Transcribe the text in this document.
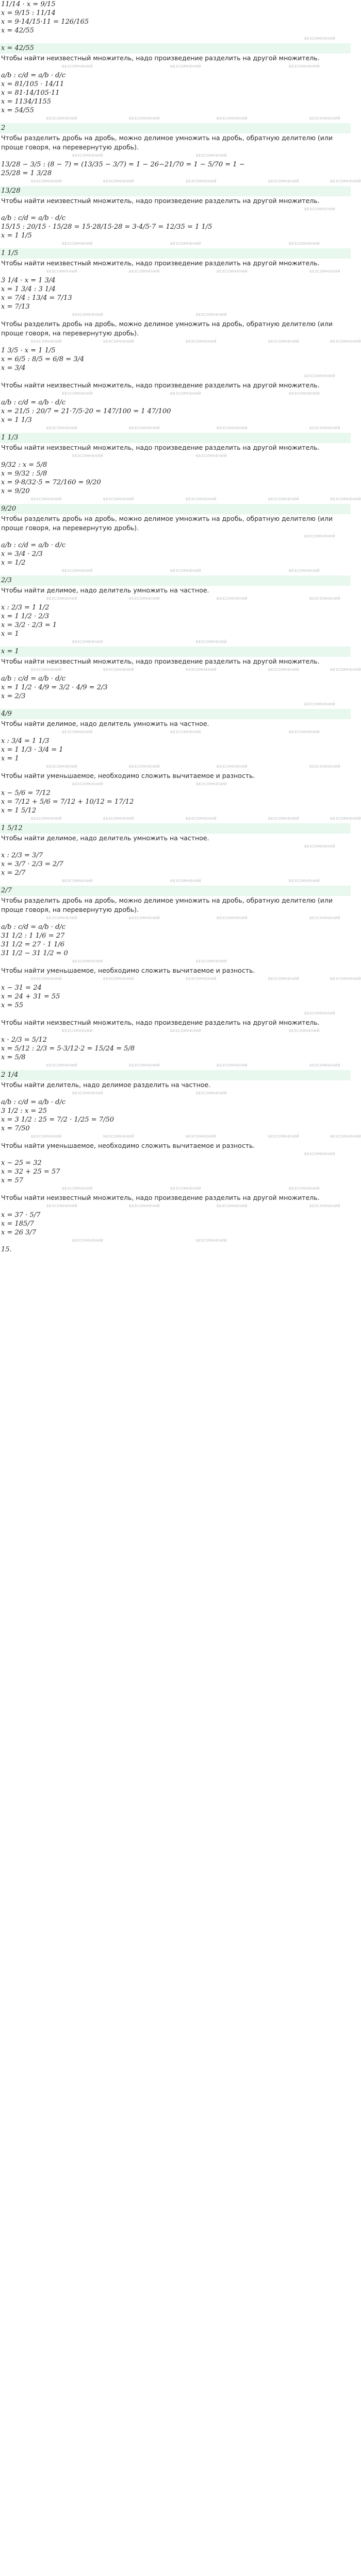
11/14 · x = 9/15
x = 9/15 : 11/14
x = 9·14/15·11 = 126/165
x = 42/55
БЕЗСОМНЕНИЙ
x = 42/55
Чтобы найти неизвестный множитель, надо произведение разделить на другой множитель.
БЕЗСОМНЕНИЙ	БЕЗСОМНЕНИЙ	БЕЗСОМНЕНИЙ
a/b : c/d = a/b · d/c
x = 81/105 · 14/11
x = 81·14/105·11
x = 1134/1155
x = 54/55
БЕЗСОМНЕНИЙ	БЕЗСОМНЕНИЙ	БЕЗСОМНЕНИЙ	БЕЗСОМНЕНИЙ
2
Чтобы разделить дробь на дробь, можно делимое умножить на дробь, обратную делителю (или проще говоря, на перевернутую дробь).
БЕЗСОМНЕНИЙ	БЕЗСОМНЕНИЙ
13/28 − 3/5 : (8 − 7) = (13/35 − 3/7) = 1 − 26−21/70 = 1 − 5/70 = 1 −
25/28 = 1 3/28
БЕЗСОМНЕНИЙ	БЕЗСОМНЕНИЙ	БЕЗСОМНЕНИЙ	БЕЗСОМНЕНИЙ	БЕЗСОМНЕНИЙ
13/28
Чтобы найти неизвестный множитель, надо произведение разделить на другой множитель.
БЕЗСОМНЕНИЙ
a/b : c/d = a/b · d/c
15/15 : 20/15 · 15/28 = 15·28/15·28 = 3·4/5·7 = 12/35 = 1 1/5
x = 1 1/5
БЕЗСОМНЕНИЙ	БЕЗСОМНЕНИЙ	БЕЗСОМНЕНИЙ
1 1/5
Чтобы найти неизвестный множитель, надо произведение разделить на другой множитель.
БЕЗСОМНЕНИЙ	БЕЗСОМНЕНИЙ	БЕЗСОМНЕНИЙ	БЕЗСОМНЕНИЙ
3 1/4 · x = 1 3/4
x = 1 3/4 : 3 1/4
x = 7/4 : 13/4 = 7/13
x = 7/13
БЕЗСОМНЕНИЙ	БЕЗСОМНЕНИЙ
Чтобы разделить дробь на дробь, можно делимое умножить на дробь, обратную делителю (или проще говоря, на перевернутую дробь).
БЕЗСОМНЕНИЙ	БЕЗСОМНЕНИЙ	БЕЗСОМНЕНИЙ	БЕЗСОМНЕНИЙ	БЕЗСОМНЕНИЙ
1 3/5 · x = 1 1/5
x = 6/5 : 8/5 = 6/8 = 3/4
x = 3/4
БЕЗСОМНЕНИЙ
Чтобы найти неизвестный множитель, надо произведение разделить на другой множитель.
БЕЗСОМНЕНИЙ	БЕЗСОМНЕНИЙ	БЕЗСОМНЕНИЙ
a/b : c/d = a/b · d/c
x = 21/5 : 20/7 = 21·7/5·20 = 147/100 = 1 47/100
x = 1 1/3
БЕЗСОМНЕНИЙ	БЕЗСОМНЕНИЙ	БЕЗСОМНЕНИЙ	БЕЗСОМНЕНИЙ
1 1/3
Чтобы найти неизвестный множитель, надо произведение разделить на другой множитель.
БЕЗСОМНЕНИЙ	БЕЗСОМНЕНИЙ
9/32 : x = 5/8
x = 9/32 : 5/8
x = 9·8/32·5 = 72/160 = 9/20
x = 9/20
БЕЗСОМНЕНИЙ	БЕЗСОМНЕНИЙ	БЕЗСОМНЕНИЙ	БЕЗСОМНЕНИЙ	БЕЗСОМНЕНИЙ
9/20
Чтобы разделить дробь на дробь, можно делимое умножить на дробь, обратную делителю (или проще говоря, на перевернутую дробь).
БЕЗСОМНЕНИЙ
a/b : c/d = a/b · d/c
x = 3/4 · 2/3
x = 1/2
БЕЗСОМНЕНИЙ	БЕЗСОМНЕНИЙ	БЕЗСОМНЕНИЙ
2/3
Чтобы найти делимое, надо делитель умножить на частное.
БЕЗСОМНЕНИЙ	БЕЗСОМНЕНИЙ	БЕЗСОМНЕНИЙ	БЕЗСОМНЕНИЙ
x : 2/3 = 1 1/2
x = 1 1/2 · 2/3
x = 3/2 · 2/3 = 1
x = 1
БЕЗСОМНЕНИЙ	БЕЗСОМНЕНИЙ
x = 1
Чтобы найти неизвестный множитель, надо произведение разделить на другой множитель.
БЕЗСОМНЕНИЙ	БЕЗСОМНЕНИЙ	БЕЗСОМНЕНИЙ	БЕЗСОМНЕНИЙ	БЕЗСОМНЕНИЙ
a/b : c/d = a/b · d/c
x = 1 1/2 · 4/9 = 3/2 · 4/9 = 2/3
x = 2/3
БЕЗСОМНЕНИЙ
4/9
Чтобы найти делимое, надо делитель умножить на частное.
БЕЗСОМНЕНИЙ	БЕЗСОМНЕНИЙ	БЕЗСОМНЕНИЙ
x : 3/4 = 1 1/3
x = 1 1/3 · 3/4 = 1
x = 1
БЕЗСОМНЕНИЙ	БЕЗСОМНЕНИЙ	БЕЗСОМНЕНИЙ	БЕЗСОМНЕНИЙ
Чтобы найти уменьшаемое, необходимо сложить вычитаемое и разность.
БЕЗСОМНЕНИЙ	БЕЗСОМНЕНИЙ
x − 5/6 = 7/12
x = 7/12 + 5/6 = 7/12 + 10/12 = 17/12
x = 1 5/12
БЕЗСОМНЕНИЙ	БЕЗСОМНЕНИЙ	БЕЗСОМНЕНИЙ	БЕЗСОМНЕНИЙ	БЕЗСОМНЕНИЙ
1 5/12
Чтобы найти делимое, надо делитель умножить на частное.
БЕЗСОМНЕНИЙ
x : 2/3 = 3/7
x = 3/7 · 2/3 = 2/7
x = 2/7
БЕЗСОМНЕНИЙ	БЕЗСОМНЕНИЙ	БЕЗСОМНЕНИЙ
2/7
Чтобы разделить дробь на дробь, можно делимое умножить на дробь, обратную делителю (или проще говоря, на перевернутую дробь).
БЕЗСОМНЕНИЙ	БЕЗСОМНЕНИЙ	БЕЗСОМНЕНИЙ	БЕЗСОМНЕНИЙ
a/b : c/d = a/b · d/c
31 1/2 : 1 1/6 = 27
31 1/2 = 27 · 1 1/6
31 1/2 − 31 1/2 = 0
БЕЗСОМНЕНИЙ	БЕЗСОМНЕНИЙ
Чтобы найти уменьшаемое, необходимо сложить вычитаемое и разность.
БЕЗСОМНЕНИЙ	БЕЗСОМНЕНИЙ	БЕЗСОМНЕНИЙ	БЕЗСОМНЕНИЙ	БЕЗСОМНЕНИЙ
x − 31 = 24
x = 24 + 31 = 55
x = 55
БЕЗСОМНЕНИЙ
Чтобы найти неизвестный множитель, надо произведение разделить на другой множитель.
БЕЗСОМНЕНИЙ	БЕЗСОМНЕНИЙ	БЕЗСОМНЕНИЙ
x · 2/3 = 5/12
x = 5/12 : 2/3 = 5·3/12·2 = 15/24 = 5/8
x = 5/8
БЕЗСОМНЕНИЙ	БЕЗСОМНЕНИЙ	БЕЗСОМНЕНИЙ	БЕЗСОМНЕНИЙ
2 1/4
Чтобы найти делитель, надо делимое разделить на частное.
БЕЗСОМНЕНИЙ	БЕЗСОМНЕНИЙ
a/b : c/d = a/b · d/c
3 1/2 : x = 25
x = 3 1/2 : 25 = 7/2 · 1/25 = 7/50
x = 7/50
БЕЗСОМНЕНИЙ	БЕЗСОМНЕНИЙ	БЕЗСОМНЕНИЙ	БЕЗСОМНЕНИЙ	БЕЗСОМНЕНИЙ
Чтобы найти уменьшаемое, необходимо сложить вычитаемое и разность.
БЕЗСОМНЕНИЙ
x − 25 = 32
x = 32 + 25 = 57
x = 57
БЕЗСОМНЕНИЙ	БЕЗСОМНЕНИЙ	БЕЗСОМНЕНИЙ
Чтобы найти неизвестный множитель, надо произведение разделить на другой множитель.
БЕЗСОМНЕНИЙ	БЕЗСОМНЕНИЙ	БЕЗСОМНЕНИЙ	БЕЗСОМНЕНИЙ
x = 37 · 5/7
x = 185/7
x = 26 3/7
БЕЗСОМНЕНИЙ	БЕЗСОМНЕНИЙ
15.
